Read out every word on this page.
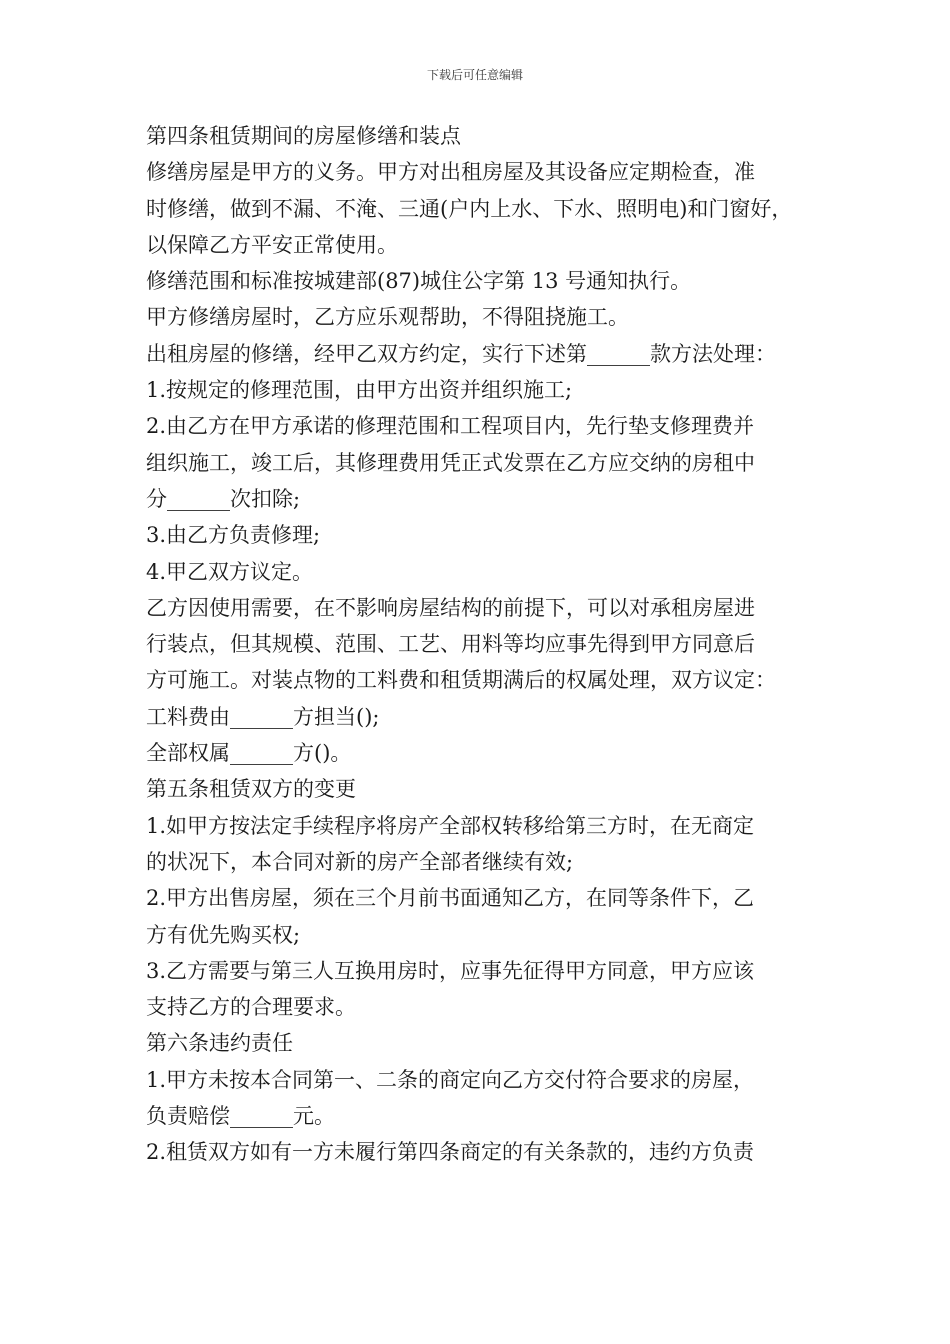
下载后可任意编辑
第四条租赁期间的房屋修缮和装点
修缮房屋是甲方的义务。甲方对出租房屋及其设备应定期检查，准
时修缮，做到不漏、不淹、三通(户内上水、下水、照明电)和门窗好，
以保障乙方平安正常使用。
修缮范围和标准按城建部(87)城住公字第 13 号通知执行。
甲方修缮房屋时，乙方应乐观帮助，不得阻挠施工。
出租房屋的修缮，经甲乙双方约定，实行下述第______款方法处理：
1.按规定的修理范围，由甲方出资并组织施工;
2.由乙方在甲方承诺的修理范围和工程项目内，先行垫支修理费并
组织施工，竣工后，其修理费用凭正式发票在乙方应交纳的房租中
分______次扣除;
3.由乙方负责修理;
4.甲乙双方议定。
乙方因使用需要，在不影响房屋结构的前提下，可以对承租房屋进
行装点，但其规模、范围、工艺、用料等均应事先得到甲方同意后
方可施工。对装点物的工料费和租赁期满后的权属处理，双方议定：
工料费由______方担当();
全部权属______方()。
第五条租赁双方的变更
1.如甲方按法定手续程序将房产全部权转移给第三方时，在无商定
的状况下，本合同对新的房产全部者继续有效;
2.甲方出售房屋，须在三个月前书面通知乙方，在同等条件下，乙
方有优先购买权;
3.乙方需要与第三人互换用房时，应事先征得甲方同意，甲方应该
支持乙方的合理要求。
第六条违约责任
1.甲方未按本合同第一、二条的商定向乙方交付符合要求的房屋，
负责赔偿______元。
2.租赁双方如有一方未履行第四条商定的有关条款的，违约方负责
